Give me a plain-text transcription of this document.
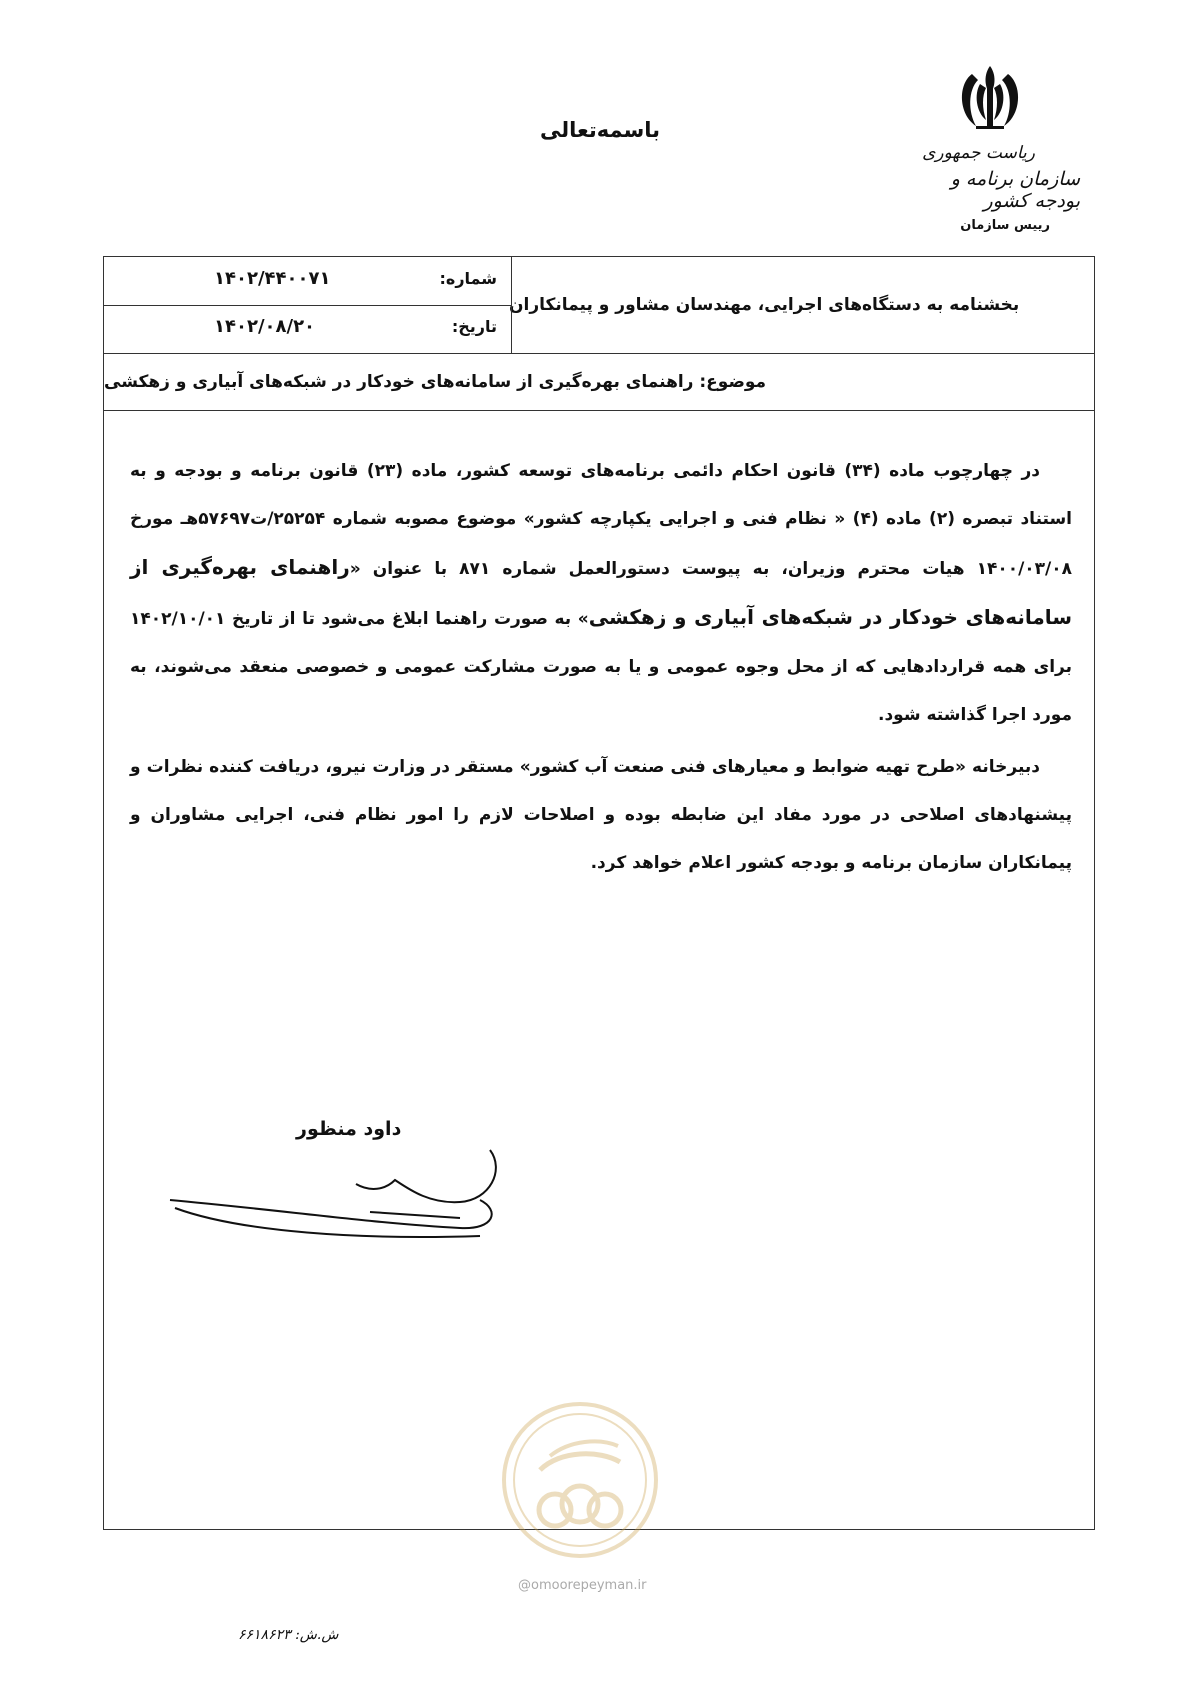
باسمه‌تعالی
ریاست جمهوری
سازمان برنامه و بودجه کشور
رییس سازمان
بخشنامه به دستگاه‌های اجرایی، مهندسان مشاور و پیمانکاران
شماره:
۱۴۰۲/۴۴۰۰۷۱
تاریخ:
۱۴۰۲/۰۸/۲۰
موضوع: راهنمای بهره‌گیری از سامانه‌های خودکار در شبکه‌های آبیاری و زهکشی

در چهارچوب ماده (۳۴) قانون احکام دائمی برنامه‌های توسعه کشور، ماده (۲۳) قانون برنامه و بودجه و به استناد تبصره (۲) ماده (۴) « نظام فنی و اجرایی یکپارچه کشور» موضوع مصوبه شماره ۲۵۲۵۴/ت۵۷۶۹۷هـ مورخ ۱۴۰۰/۰۳/۰۸ هیات محترم وزیران، به پیوست دستورالعمل شماره ۸۷۱ با عنوان «راهنمای بهره‌گیری از سامانه‌های خودکار در شبکه‌های آبیاری و زهکشی» به صورت راهنما ابلاغ می‌شود تا از تاریخ ۱۴۰۲/۱۰/۰۱ برای همه قراردادهایی که از محل وجوه عمومی و یا به صورت مشارکت عمومی و خصوصی منعقد می‌شوند، به مورد اجرا گذاشته شود.

دبیرخانه «طرح تهیه ضوابط و معیارهای فنی صنعت آب کشور» مستقر در وزارت نیرو، دریافت کننده نظرات و پیشنهادهای اصلاحی در مورد مفاد این ضابطه بوده و اصلاحات لازم را امور نظام فنی، اجرایی مشاوران و پیمانکاران سازمان برنامه و بودجه کشور اعلام خواهد کرد.

داود منظور
@omoorepeyman.ir
ش.ش: ۶۶۱۸۶۲۳
